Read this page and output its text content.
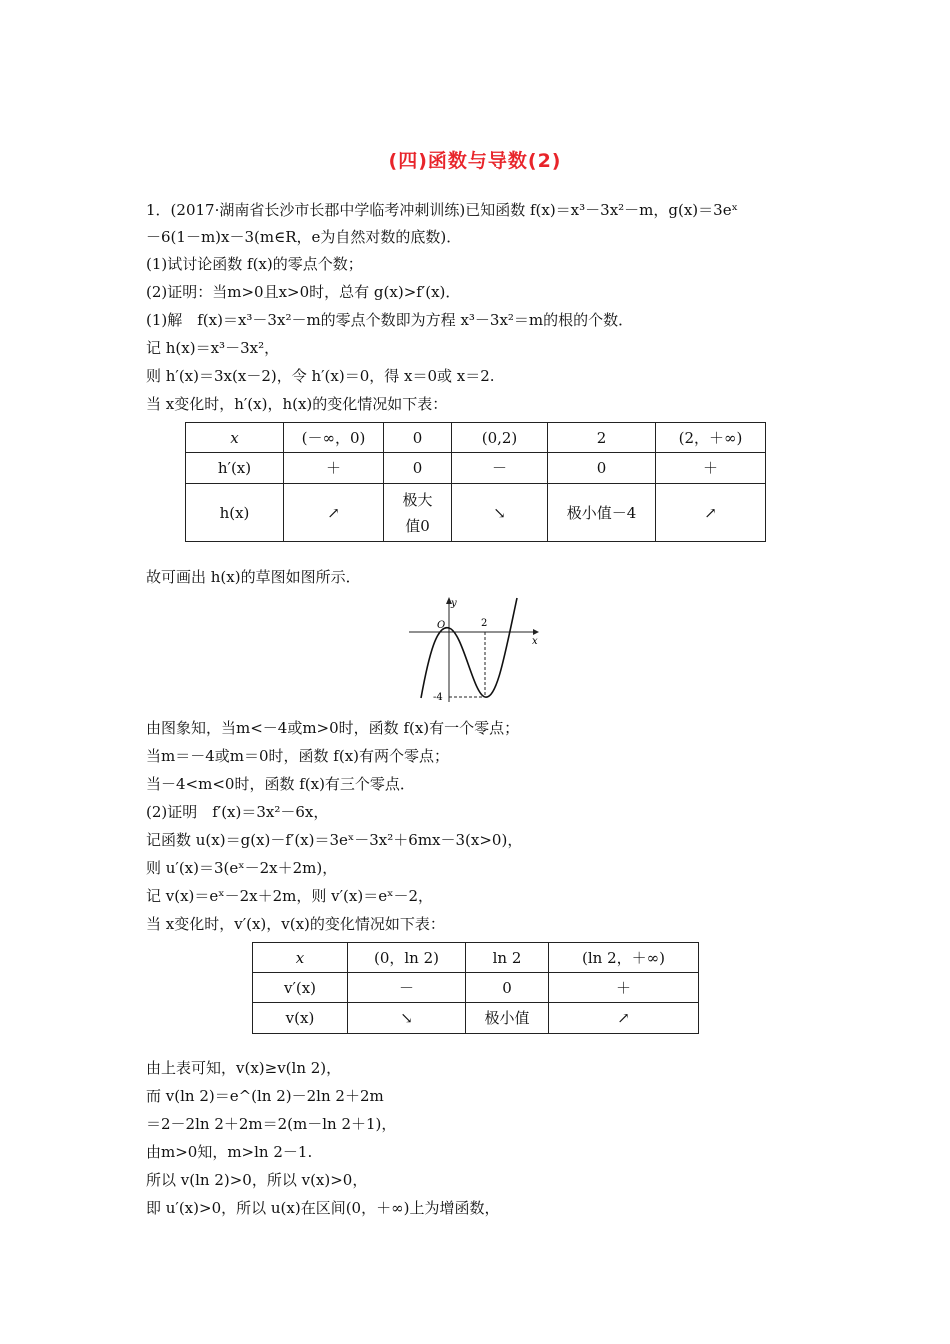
(四)函数与导数(2)
1．(2017·湖南省长沙市长郡中学临考冲刺训练)已知函数 f(x)＝x³－3x²－m，g(x)＝3eˣ
－6(1－m)x－3(m∈R，e为自然对数的底数)．
(1)试讨论函数 f(x)的零点个数；
(2)证明：当m>0且x>0时，总有 g(x)>f′(x)．
(1)解　f(x)＝x³－3x²－m的零点个数即为方程 x³－3x²＝m的根的个数．
记 h(x)＝x³－3x²，
则 h′(x)＝3x(x－2)，令 h′(x)＝0，得 x＝0或 x＝2.
当 x变化时，h′(x)，h(x)的变化情况如下表：
x	(－∞，0)	0	(0,2)	2	(2，＋∞)
h′(x)	＋	0	－	0	＋
h(x)	↗	极大值0	↘	极小值－4	↗
故可画出 h(x)的草图如图所示．
y
x
O	2
-4
由图象知，当m<－4或m>0时，函数 f(x)有一个零点；
当m＝－4或m＝0时，函数 f(x)有两个零点；
当－4<m<0时，函数 f(x)有三个零点．
(2)证明　f′(x)＝3x²－6x，
记函数 u(x)＝g(x)－f′(x)＝3eˣ－3x²＋6mx－3(x>0)，
则 u′(x)＝3(eˣ－2x＋2m)，
记 v(x)＝eˣ－2x＋2m，则 v′(x)＝eˣ－2，
当 x变化时，v′(x)，v(x)的变化情况如下表：
x	(0，ln 2)	ln 2	(ln 2，＋∞)
v′(x)	－	0	＋
v(x)	↘	极小值	↗
由上表可知，v(x)≥v(ln 2)，
而 v(ln 2)＝e^(ln 2)－2ln 2＋2m
＝2－2ln 2＋2m＝2(m－ln 2＋1)，
由m>0知，m>ln 2－1.
所以 v(ln 2)>0，所以 v(x)>0，
即 u′(x)>0，所以 u(x)在区间(0，＋∞)上为增函数，
